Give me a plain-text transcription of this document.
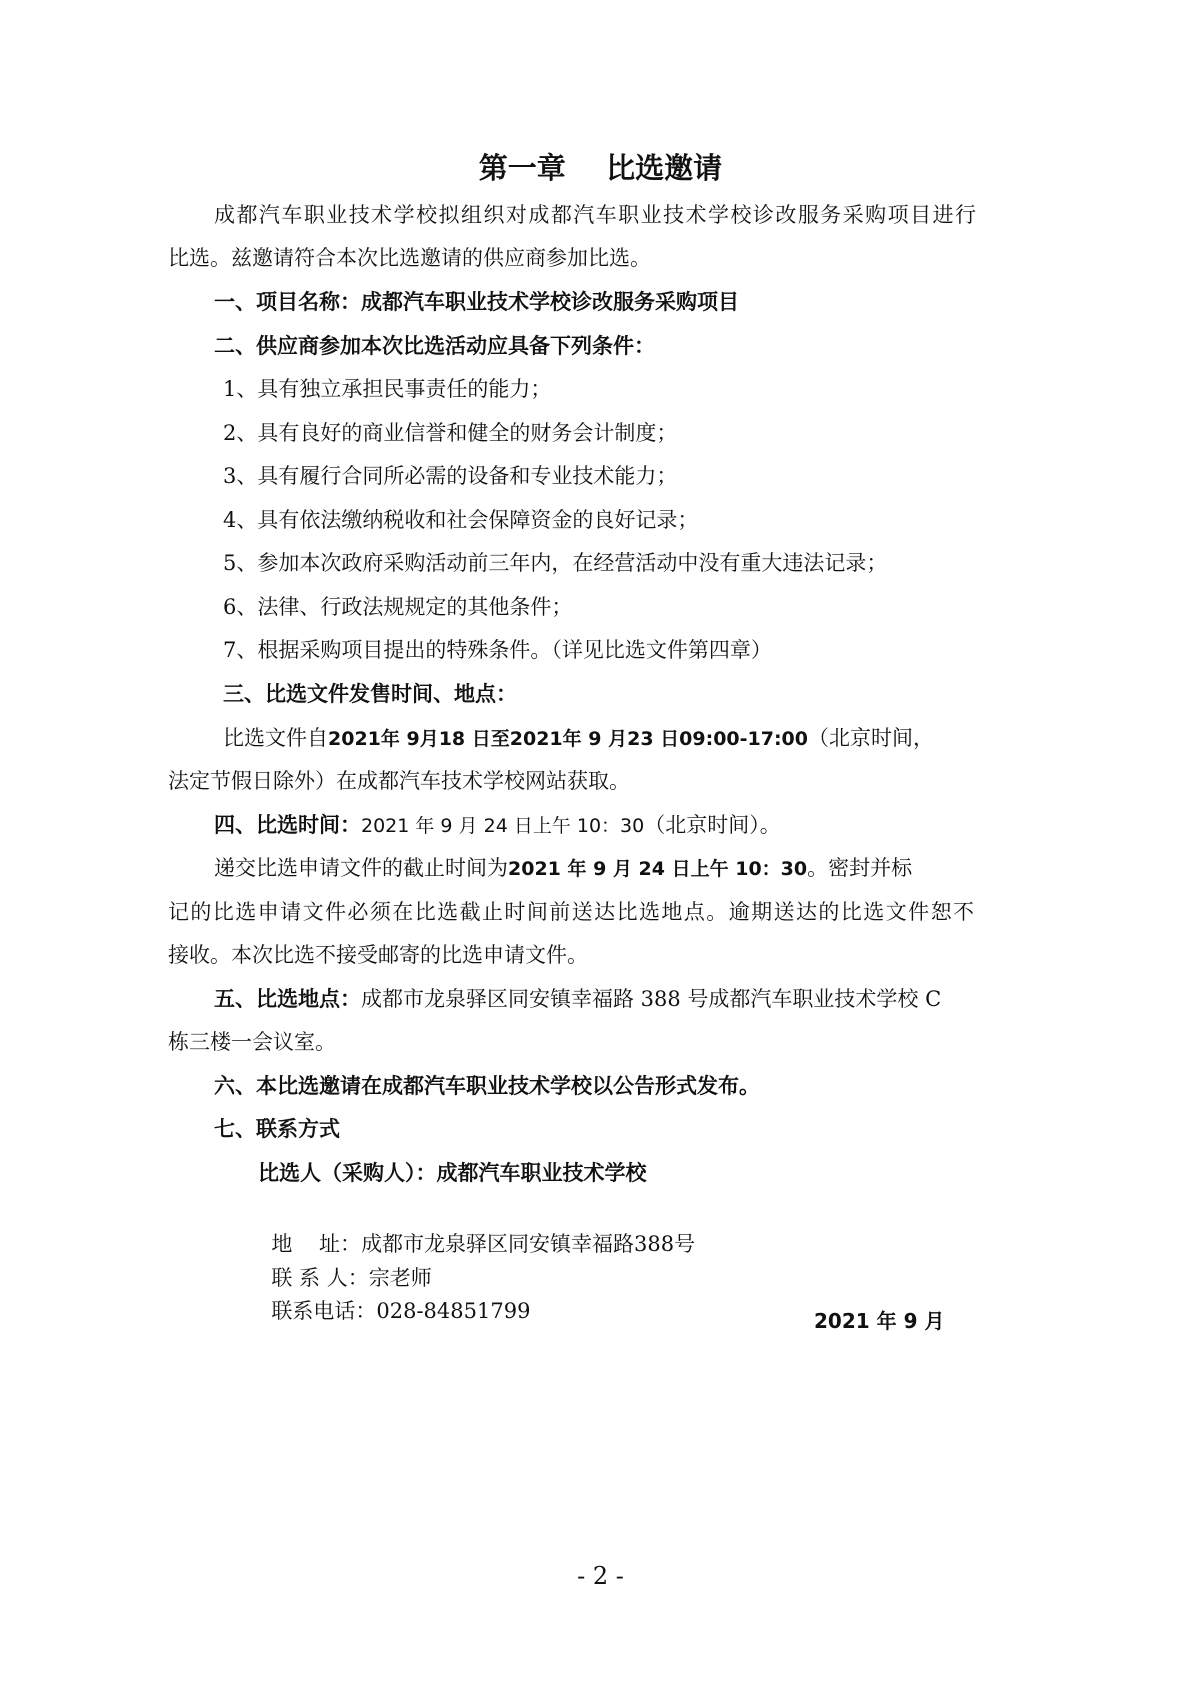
第一章    比选邀请
成都汽车职业技术学校拟组织对成都汽车职业技术学校诊改服务采购项目进行
比选。兹邀请符合本次比选邀请的供应商参加比选。
一、项目名称：成都汽车职业技术学校诊改服务采购项目
二、供应商参加本次比选活动应具备下列条件：
1、具有独立承担民事责任的能力；
2、具有良好的商业信誉和健全的财务会计制度；
3、具有履行合同所必需的设备和专业技术能力；
4、具有依法缴纳税收和社会保障资金的良好记录；
5、参加本次政府采购活动前三年内，在经营活动中没有重大违法记录；
6、法律、行政法规规定的其他条件；
7、根据采购项目提出的特殊条件。（详见比选文件第四章）
三、比选文件发售时间、地点：
比选文件自2021年 9月18 日至2021年 9 月23 日09:00-17:00（北京时间，
法定节假日除外）在成都汽车技术学校网站获取。
四、比选时间：2021 年 9 月 24 日上午 10：30（北京时间）。
递交比选申请文件的截止时间为2021 年 9 月 24 日上午 10：30。密封并标
记的比选申请文件必须在比选截止时间前送达比选地点。逾期送达的比选文件恕不
接收。本次比选不接受邮寄的比选申请文件。
五、比选地点：成都市龙泉驿区同安镇幸福路 388 号成都汽车职业技术学校 C
栋三楼一会议室。
六、本比选邀请在成都汽车职业技术学校以公告形式发布。
七、联系方式
比选人（采购人）：成都汽车职业技术学校

地    址：成都市龙泉驿区同安镇幸福路388号

联 系 人：宗老师

联系电话：028-84851799	2021 年 9 月
- 2 -
